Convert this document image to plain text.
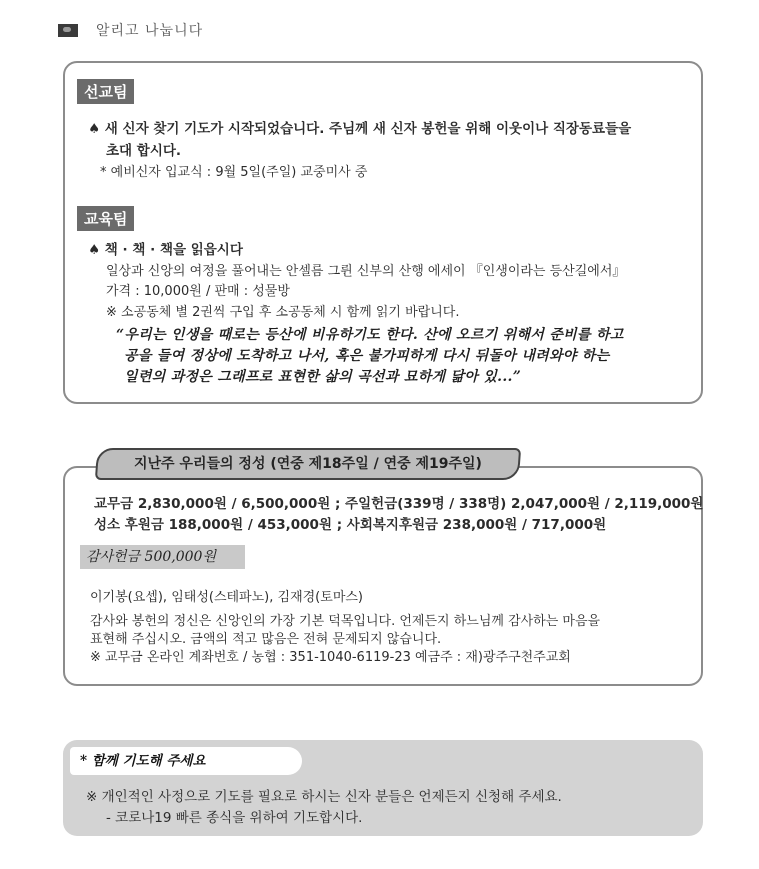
알리고 나눕니다
선교팀
♠ 새 신자 찾기 기도가 시작되었습니다. 주님께 새 신자 봉헌을 위해 이웃이나 직장동료들을
초대 합시다.
* 예비신자 입교식 : 9월 5일(주일) 교중미사 중
교육팀
♠ 책 · 책 · 책을 읽읍시다
일상과 신앙의 여정을 풀어내는 안셀름 그륀 신부의 산행 에세이 『인생이라는 등산길에서』
가격 : 10,000원 / 판매 : 성물방
※ 소공동체 별 2권씩 구입 후 소공동체 시 함께 읽기 바랍니다.
“우리는 인생을 때로는 등산에 비유하기도 한다. 산에 오르기 위해서 준비를 하고
공을 들여 정상에 도착하고 나서, 혹은 불가피하게 다시 뒤돌아 내려와야 하는
일련의 과정은 그래프로 표현한 삶의 곡선과 묘하게 닮아 있...”
지난주 우리들의 정성 (연중 제18주일 / 연중 제19주일)
교무금 2,830,000원 / 6,500,000원 ; 주일헌금(339명 / 338명) 2,047,000원 / 2,119,000원
성소 후원금 188,000원 / 453,000원 ; 사회복지후원금 238,000원 / 717,000원
감사헌금 500,000원
이기봉(요셉), 임태성(스테파노), 김재경(토마스)
감사와 봉헌의 정신은 신앙인의 가장 기본 덕목입니다. 언제든지 하느님께 감사하는 마음을
표현해 주십시오. 금액의 적고 많음은 전혀 문제되지 않습니다.
※ 교무금 온라인 계좌번호 / 농협 : 351-1040-6119-23 예금주 : 재)광주구천주교회
* 함께 기도해 주세요
※ 개인적인 사정으로 기도를 필요로 하시는 신자 분들은 언제든지 신청해 주세요.
- 코로나19 빠른 종식을 위하여 기도합시다.
